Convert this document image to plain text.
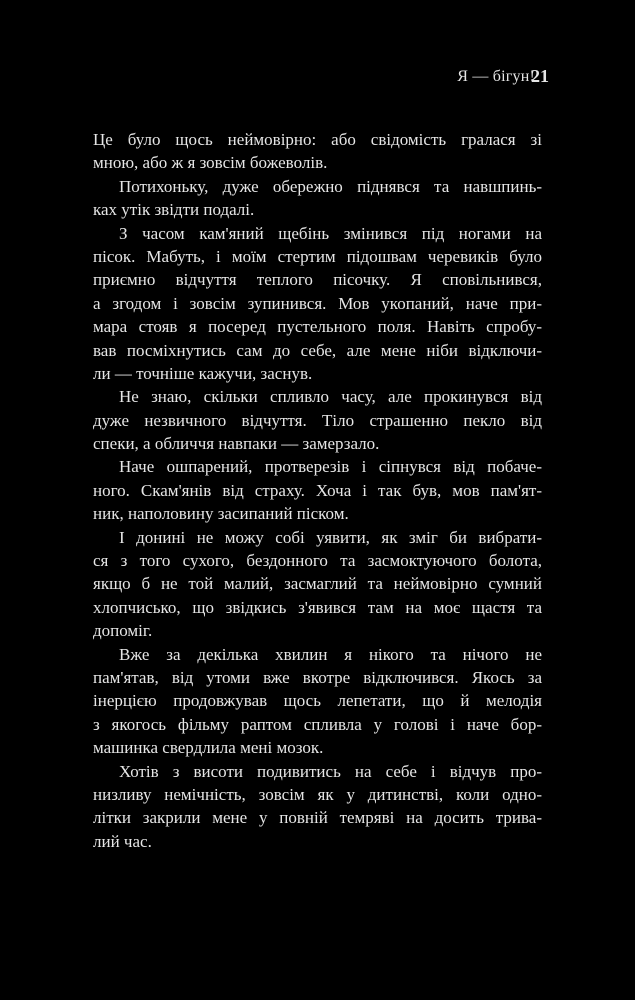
Я — бігун!
21
Це було щось неймовірно: або свідомість гралася зі
мною, або ж я зовсім божеволів.
Потихоньку, дуже обережно піднявся та навшпинь-
ках утік звідти подалі.
З часом кам'яний щебінь змінився під ногами на
пісок. Мабуть, і моїм стертим підошвам черевиків було
приємно відчуття теплого пісочку. Я сповільнився,
а згодом і зовсім зупинився. Мов укопаний, наче при-
мара стояв я посеред пустельного поля. Навіть спробу-
вав посміхнутись сам до себе, але мене ніби відключи-
ли — точніше кажучи, заснув.
Не знаю, скільки спливло часу, але прокинувся від
дуже незвичного відчуття. Тіло страшенно пекло від
спеки, а обличчя навпаки — замерзало.
Наче ошпарений, протверезів і сіпнувся від побаче-
ного. Скам'янів від страху. Хоча і так був, мов пам'ят-
ник, наполовину засипаний піском.
І донині не можу собі уявити, як зміг би вибрати-
ся з того сухого, бездонного та засмоктуючого болота,
якщо б не той малий, засмаглий та неймовірно сумний
хлопчисько, що звідкись з'явився там на моє щастя та
допоміг.
Вже за декілька хвилин я нікого та нічого не
пам'ятав, від утоми вже вкотре відключився. Якось за
інерцією продовжував щось лепетати, що й мелодія
з якогось фільму раптом спливла у голові і наче бор-
машинка свердлила мені мозок.
Хотів з висоти подивитись на себе і відчув про-
низливу немічність, зовсім як у дитинстві, коли одно-
літки закрили мене у повній темряві на досить трива-
лий час.
